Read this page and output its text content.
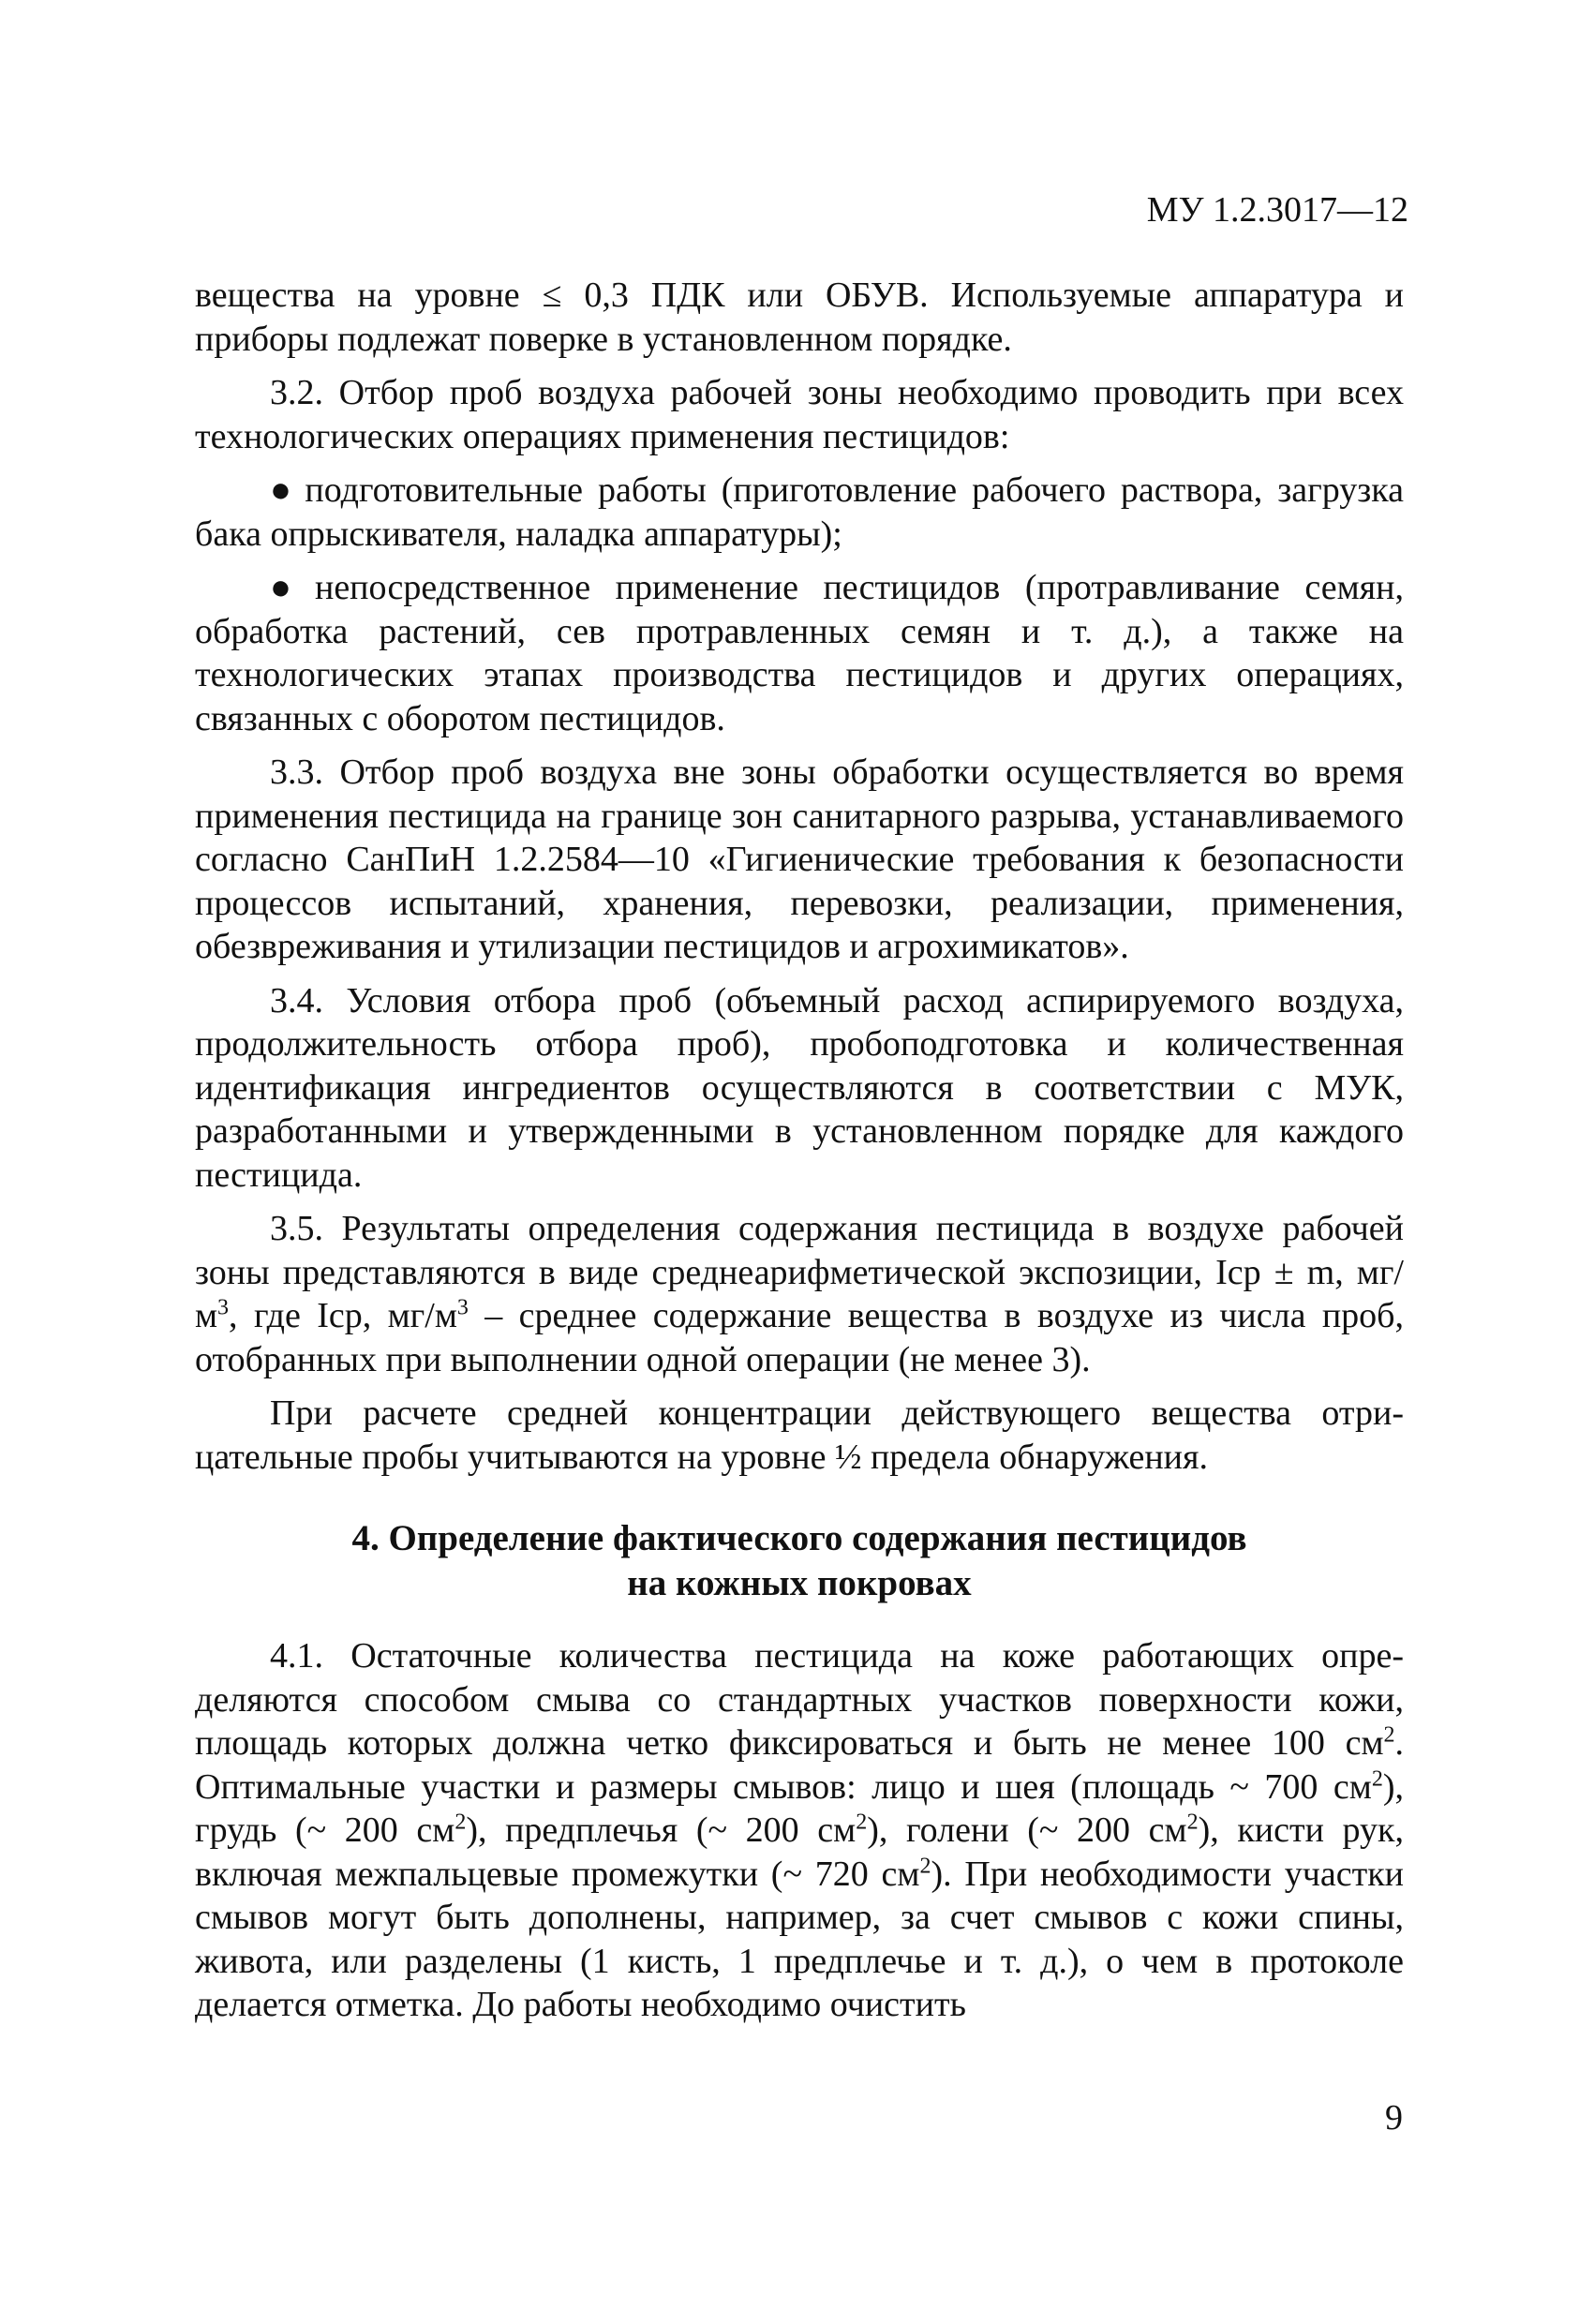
МУ 1.2.3017—12

вещества на уровне ≤ 0,3 ПДК или ОБУВ. Используемые аппаратура и приборы подлежат поверке в установленном порядке.

3.2. Отбор проб воздуха рабочей зоны необходимо проводить при всех технологических операциях применения пестицидов:

● подготовительные работы (приготовление рабочего раствора, загрузка бака опрыскивателя, наладка аппаратуры);

● непосредственное применение пестицидов (протравливание семян, обработка растений, сев протравленных семян и т. д.), а также на технологических этапах производства пестицидов и других операциях, связанных с оборотом пестицидов.

3.3. Отбор проб воздуха вне зоны обработки осуществляется во время применения пестицида на границе зон санитарного разрыва, устанавливаемого согласно СанПиН 1.2.2584—10 «Гигиенические требования к безопасности процессов испытаний, хранения, перевозки, реализации, применения, обезвреживания и утилизации пестицидов и агрохимикатов».

3.4. Условия отбора проб (объемный расход аспирируемого воздуха, продолжительность отбора проб), пробоподготовка и количественная идентификация ингредиентов осуществляются в соответствии с МУК, разработанными и утвержденными в установленном порядке для каждого пестицида.

3.5. Результаты определения содержания пестицида в воздухе рабочей зоны представляются в виде среднеарифметической экспозиции, Iср ± m, $мг/м^3$, где Iср, $мг/м^3$ – среднее содержание вещества в воздухе из числа проб, отобранных при выполнении одной операции (не менее 3).

При расчете средней концентрации действующего вещества отрицательные пробы учитываются на уровне ½ предела обнаружения.

4. Определение фактического содержания пестицидов
на кожных покровах

4.1. Остаточные количества пестицида на коже работающих определяются способом смыва со стандартных участков поверхности кожи, площадь которых должна четко фиксироваться и быть не менее 100 $см^2$. Оптимальные участки и размеры смывов: лицо и шея (площадь ~ 700 $см^2$), грудь (~ 200 $см^2$), предплечья (~ 200 $см^2$), голени (~ 200 $см^2$), кисти рук, включая межпальцевые промежутки (~ 720 $см^2$). При необходимости участки смывов могут быть дополнены, например, за счет смывов с кожи спины, живота, или разделены (1 кисть, 1 предплечье и т. д.), о чем в протоколе делается отметка. До работы необходимо очистить

9
